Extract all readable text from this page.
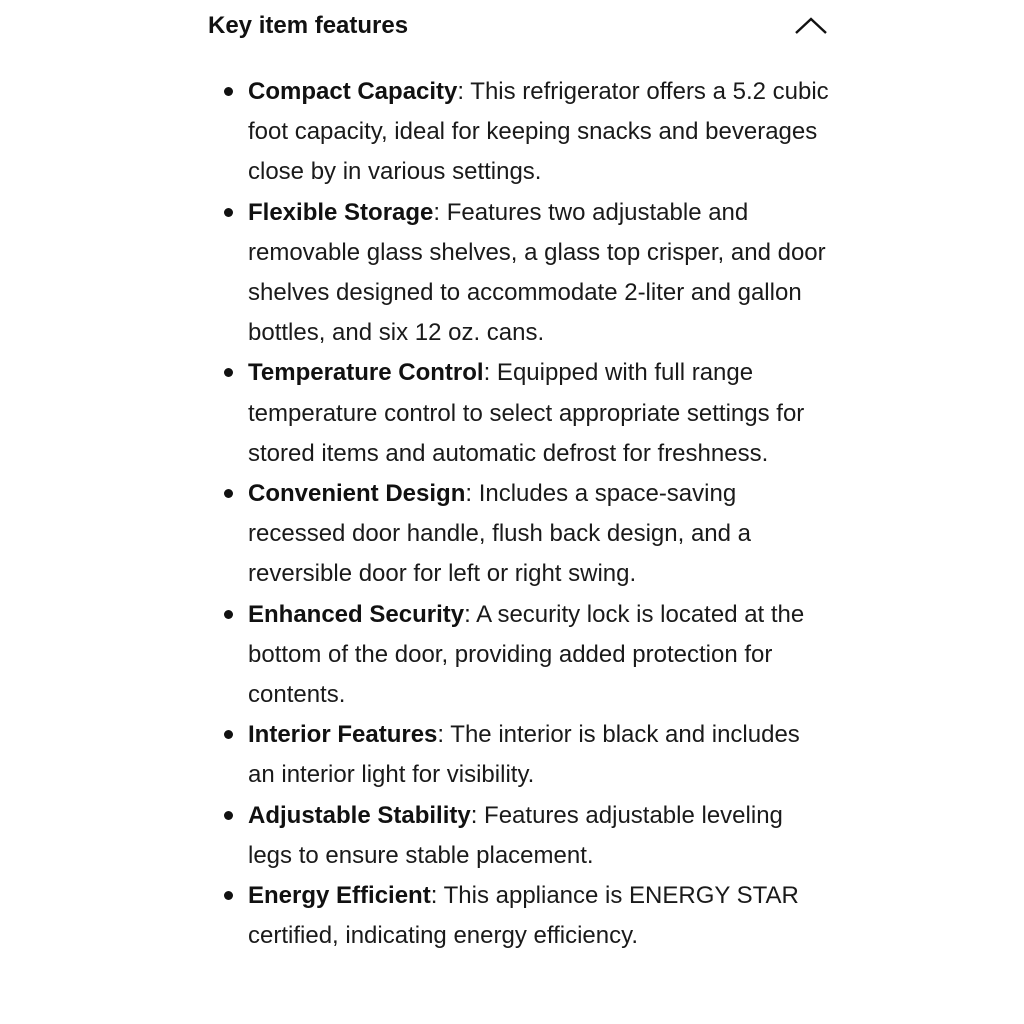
Key item features
Compact Capacity: This refrigerator offers a 5.2 cubic foot capacity, ideal for keeping snacks and beverages close by in various settings.
Flexible Storage: Features two adjustable and removable glass shelves, a glass top crisper, and door shelves designed to accommodate 2-liter and gallon bottles, and six 12 oz. cans.
Temperature Control: Equipped with full range temperature control to select appropriate settings for stored items and automatic defrost for freshness.
Convenient Design: Includes a space-saving recessed door handle, flush back design, and a reversible door for left or right swing.
Enhanced Security: A security lock is located at the bottom of the door, providing added protection for contents.
Interior Features: The interior is black and includes an interior light for visibility.
Adjustable Stability: Features adjustable leveling legs to ensure stable placement.
Energy Efficient: This appliance is ENERGY STAR certified, indicating energy efficiency.
